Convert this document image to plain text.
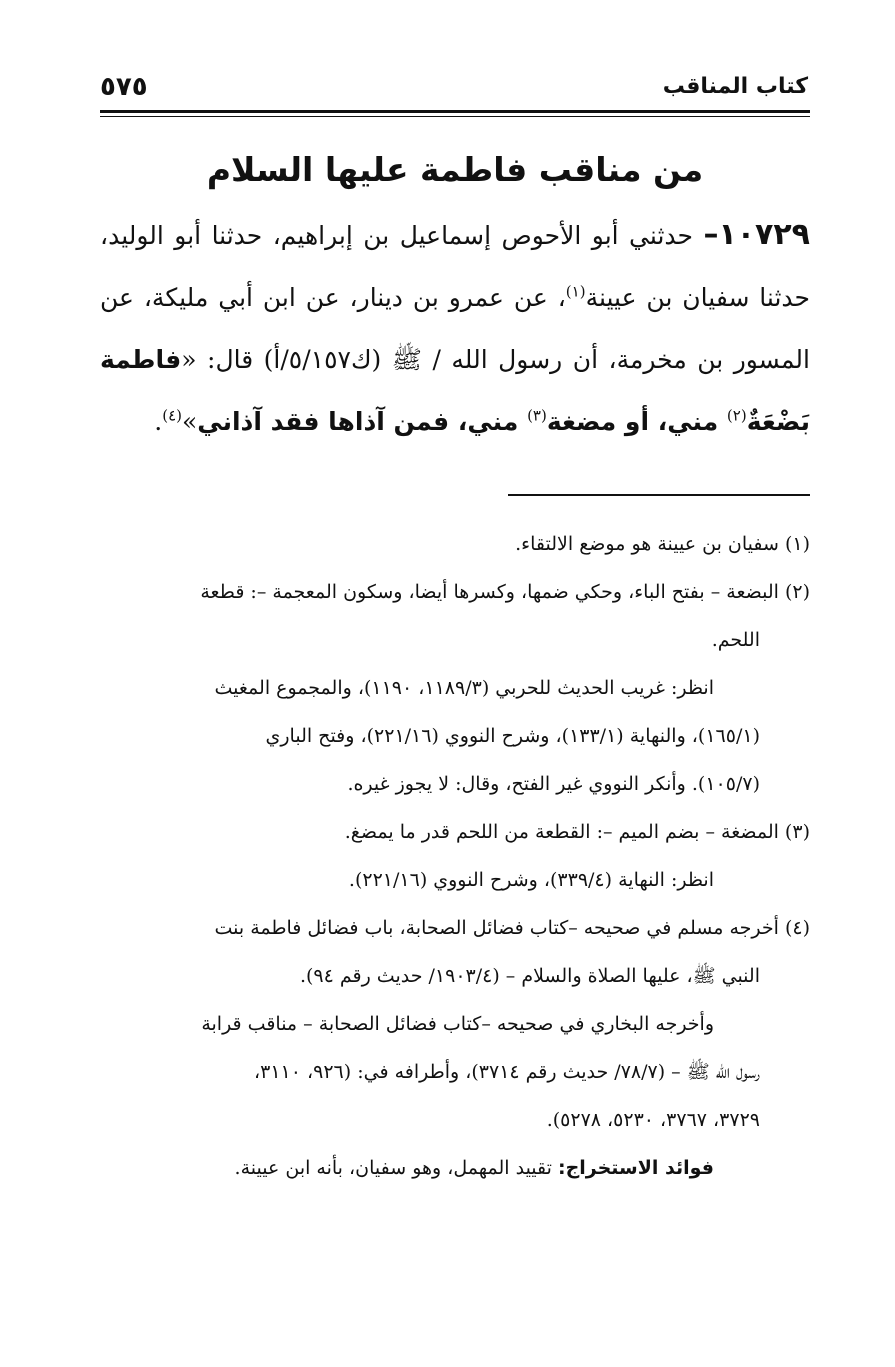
كتاب المناقب
٥٧٥
من مناقب فاطمة عليها السلام
١٠٧٢٩– حدثني أبو الأحوص إسماعيل بن إبراهيم، حدثنا أبو الوليد، حدثنا سفيان بن عيينة$^{(١)}$، عن عمرو بن دينار، عن ابن أبي مليكة، عن المسور بن مخرمة، أن رسول الله / ﷺ (ك٥/١٥٧/أ) قال: «فاطمة بَضْعَةٌ$^{(٢)}$ مني، أو مضغة$^{(٣)}$ مني، فمن آذاها فقد آذاني»$^{(٤)}$.
(١) سفيان بن عيينة هو موضع الالتقاء.
(٢) البضعة – بفتح الباء، وحكي ضمها، وكسرها أيضا، وسكون المعجمة –: قطعة
اللحم.
انظر: غريب الحديث للحربي (١١٨٩/٣، ١١٩٠)، والمجموع المغيث
(١٦٥/١)، والنهاية (١٣٣/١)، وشرح النووي (٢٢١/١٦)، وفتح الباري
(١٠٥/٧). وأنكر النووي غير الفتح، وقال: لا يجوز غيره.
(٣) المضغة – بضم الميم –: القطعة من اللحم قدر ما يمضغ.
انظر: النهاية (٣٣٩/٤)، وشرح النووي (٢٢١/١٦).
(٤) أخرجه مسلم في صحيحه –كتاب فضائل الصحابة، باب فضائل فاطمة بنت
النبي ﷺ، عليها الصلاة والسلام – (١٩٠٣/٤/ حديث رقم ٩٤).
وأخرجه البخاري في صحيحه –كتاب فضائل الصحابة – مناقب قرابة
رسول الله ﷺ – (٧٨/٧/ حديث رقم ٣٧١٤)، وأطرافه في: (٩٢٦، ٣١١٠،
٣٧٢٩، ٣٧٦٧، ٥٢٣٠، ٥٢٧٨).
فوائد الاستخراج: تقييد المهمل، وهو سفيان، بأنه ابن عيينة.
